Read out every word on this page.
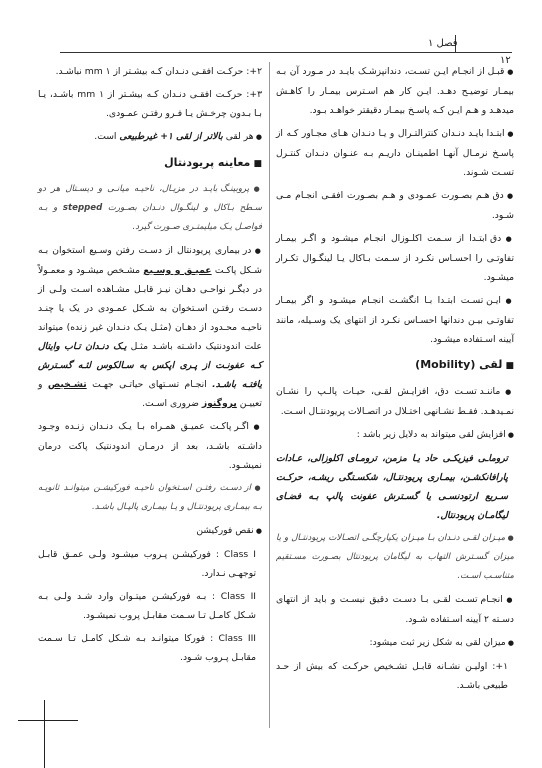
فصل ۱
۱۲

● قبـل از انجـام ایـن تسـت، دندانپزشـک بایـد در مـورد آن بـه بیمـار توضیـح دهـد. ایـن کار هم اسـترس بیمـار را کاهـش میدهـد و هـم ایـن کـه پاسـخ بیمـار دقیقتر خواهـد بـود.

● ابتـدا بایـد دنـدان کنترالتـرال و یـا دنـدان هـای مجـاور کـه از پاسـخ نرمـال آنهـا اطمینـان داریـم بـه عنـوان دنـدان کنتـرل تسـت شـوند.

● دق هـم بصـورت عمـودی و هـم بصـورت افقـی انجـام مـی شـود.

● دق ابتـدا از سـمت اکلـوزال انجـام میشـود و اگـر بیمـار تفاوتـی را احسـاس نکـرد از سـمت بـاکال یـا لینگـوال تکـرار میشـود.

● ایـن تسـت ابتـدا بـا انگشـت انجـام میشـود و اگر بیمـار تفاوتـی بیـن دندانها احسـاس نکـرد از انتهای یک وسـیله، مانند آیینه اسـتفاده میشـود.

■ لقی (Mobility)

● ماننـد تسـت دق، افزایـش لقـی، حیـات پالـپ را نشـان نمـیدهـد. فقـط نشـانهی اختـلال در اتصـالات پریودنتـال اسـت.

● افزایش لقی میتواند به دلایل زیر باشد :

تروماـی فیزیکـی حاد یـا مزمن، ترومـای اکلوزالی، عـادات پارافانکشـن، بیمـاری پریودنتـال، شکسـتگی ریشـه، حرکـت سـریع ارتودنسـی یا گسـترش عفونت پالپ بـه فضـای لیگامـان پریودنتال.

● میـزان لقـی دنـدان بـا میـزان یکپارچگـی اتصـالات پریودنتـال و یا میزان گسـترش التهاب به لیگامان پریودنتال بصـورت مسـتقیم متناسـب اسـت.

● انجـام تسـت لقـی بـا دسـت دقیق نیسـت و باید از انتهای دسـته ۲ آیینه اسـتفاده شـود.

● میزان لقی به شکل زیر ثبت میشود:

۱+: اولیـن نشـانه قابـل تشـخیص حرکـت که بیش از حـد طبیعی باشـد.

۲+: حرکـت افقـی دنـدان کـه بیشـتر از ۱ mm نباشـد.

۳+: حرکـت افقـی دنـدان کـه بیشـتر از ۱ mm باشـد، یـا بـا بـدون چرخـش یـا فـرو رفتـن عمـودی.

● هر لقی بالاتر از لقی ۱+ غیرطبیعی است.

■ معاینه پریودنتال

● پروبینـگ بایـد در مزیـال، ناحیـه میانـی و دیسـتال هر دو سـطح بـاکال و لینگـوال دنـدان بصـورت stepped و بـه فواصـل یـک میلیمتـری صـورت گیرد.

● در بیماری پریودنتال از دسـت رفتن وسـیع استخوان بـه شـکل پاکـت عمیـق و وسـیع مشـخص میشـود و معمـولاً در دیگـر نواحـی دهـان نیـز قابـل مشـاهده اسـت ولـی از دسـت رفتـن اسـتخوان به شـکل عمـودی در یک یا چنـد ناحیـه محـدود از دهـان (مثـل یـک دنـدان غیر زنده) میتواند علت اندودنتیک داشـته باشـد مثـل یـک دنـدان تـاب وایتال کـه عفونـت از پـری اپکس به سـالکوس لثـه گسـترش یافتـه باشـد. انجـام تسـتهای حیاتـی جهـت تشـخیص و تعییـن پروگنوز ضروری اسـت.

● اگـر پاکـت عمیـق همـراه بـا یـک دنـدان زنـده وجـود داشـته باشـد، بعد از درمـان اندودنتیک پاکت درمان نمیشـود.

● از دسـت رفتـن اسـتخوان ناحیـه فورکیشـن میتوانـد ثانویـه بـه بیمـاری پریودنتـال و یـا بیمـاری پالپـال باشـد.

● نقص فورکیشن

Class I : فورکیشـن پـروب میشـود ولـی عمـق قابـل توجهـی نـدارد.

Class II : بـه فورکیشـن میتـوان وارد شـد ولـی بـه شـکل کامـل تـا سـمت مقابـل پروب نمیشـود.

Class III : فورکا میتوانـد بـه شـکل کامـل تـا سـمت مقابـل پـروب شـود.
